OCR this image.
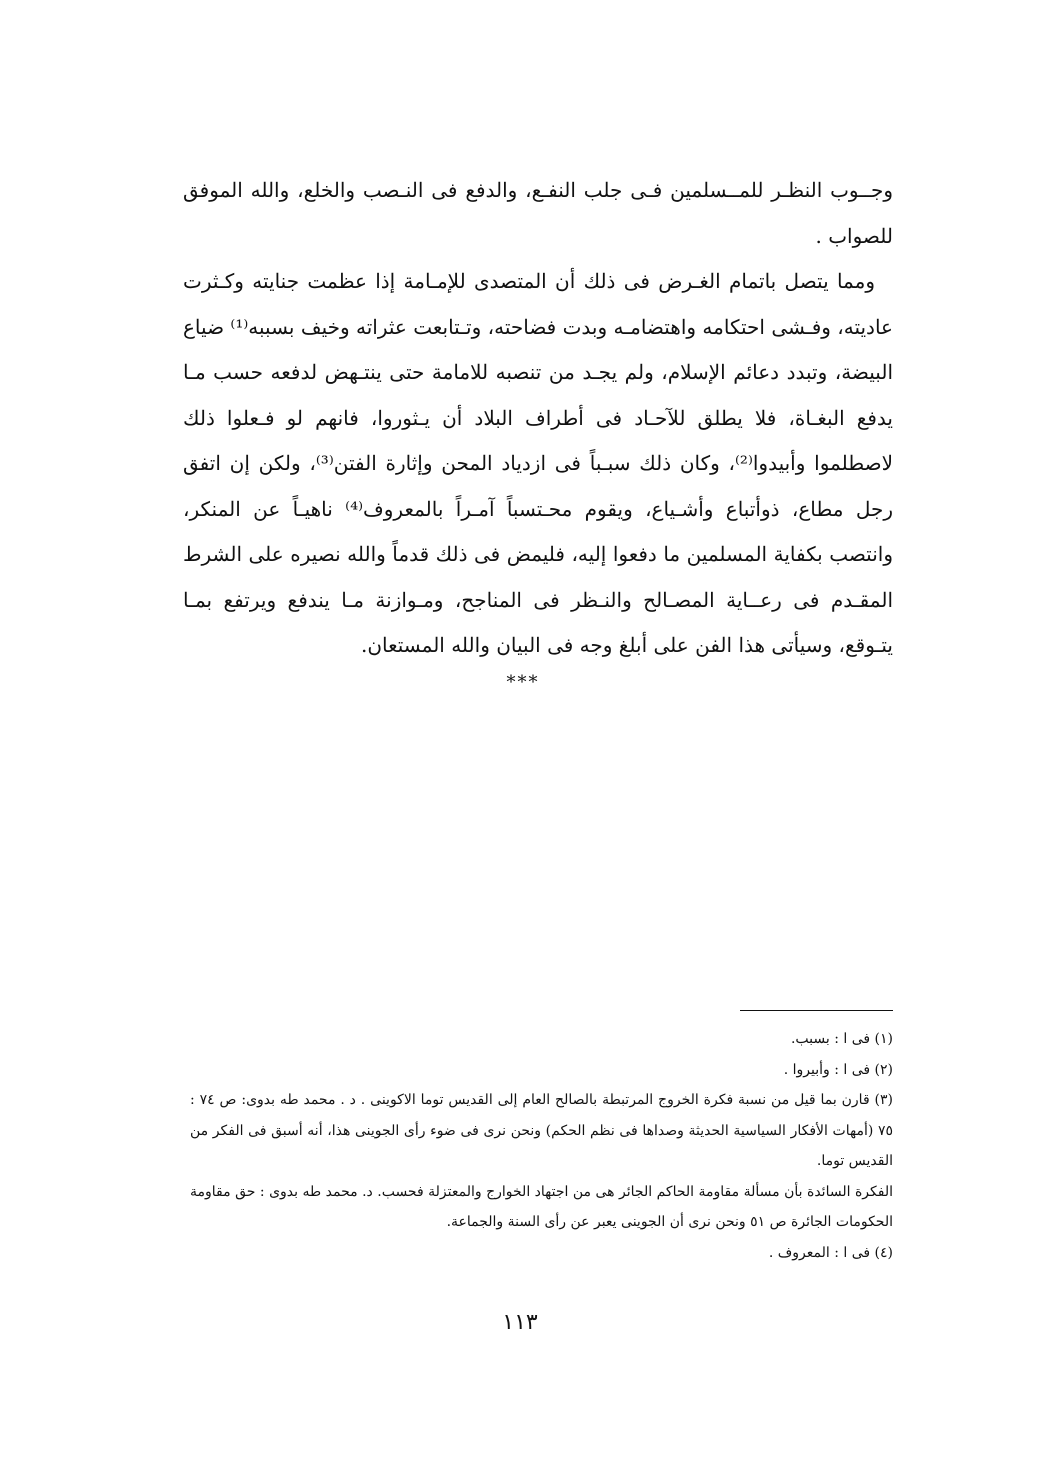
وجــوب النظـر للمــسلمين فـى جلب النفـع، والدفع فى النـصب والخلع، والله الموفق للصواب .

ومما يتصل باتمام الغـرض فى ذلك أن المتصدى للإمـامة إذا عظمت جنايته وكـثرت عاديته، وفـشى احتكامه واهتضامـه وبدت فضاحته، وتـتابعت عثراته وخيف بسببه⁽¹⁾ ضياع البيضة، وتبدد دعائم الإسلام، ولم يجـد من تنصبه للامامة حتى ينتـهض لدفعه حسب مـا يدفع البغـاة، فلا يطلق للآحـاد فى أطراف البلاد أن يـثوروا، فانهم لو فـعلوا ذلك لاصطلموا وأبيدوا⁽²⁾، وكان ذلك سبـباً فى ازدياد المحن وإثارة الفتن⁽³⁾، ولكن إن اتفق رجل مطاع، ذوأتباع وأشـياع، ويقوم محـتسباً آمـراً بالمعروف⁽⁴⁾ ناهيـاً عن المنكر، وانتصب بكفاية المسلمين ما دفعوا إليه، فليمض فى ذلك قدماً والله نصيره على الشرط المقـدم فى رعــاية المصـالح والنـظر فى المناجح، ومـوازنة مـا يندفع ويرتفع بمـا يتـوقع، وسيأتى هذا الفن على أبلغ وجه فى البيان والله المستعان.

***

(١) فى ا : بسبب.

(٢) فى ا : وأبيروا .

(٣) قارن بما قيل من نسبة فكرة الخروج المرتبطة بالصالح العام إلى القديس توما الاكوينى . د . محمد طه بدوى: ص ٧٤ : ٧٥ (أمهات الأفكار السياسية الحديثة وصداها فى نظم الحكم) ونحن نرى فى ضوء رأى الجوينى هذا، أنه أسبق فى الفكر من القديس توما.

الفكرة السائدة بأن مسألة مقاومة الحاكم الجائر هى من اجتهاد الخوارج والمعتزلة فحسب. د. محمد طه بدوى : حق مقاومة الحكومات الجائرة ص ٥١ ونحن نرى أن الجوينى يعبر عن رأى السنة والجماعة.

(٤) فى ا : المعروف .

١١٣
